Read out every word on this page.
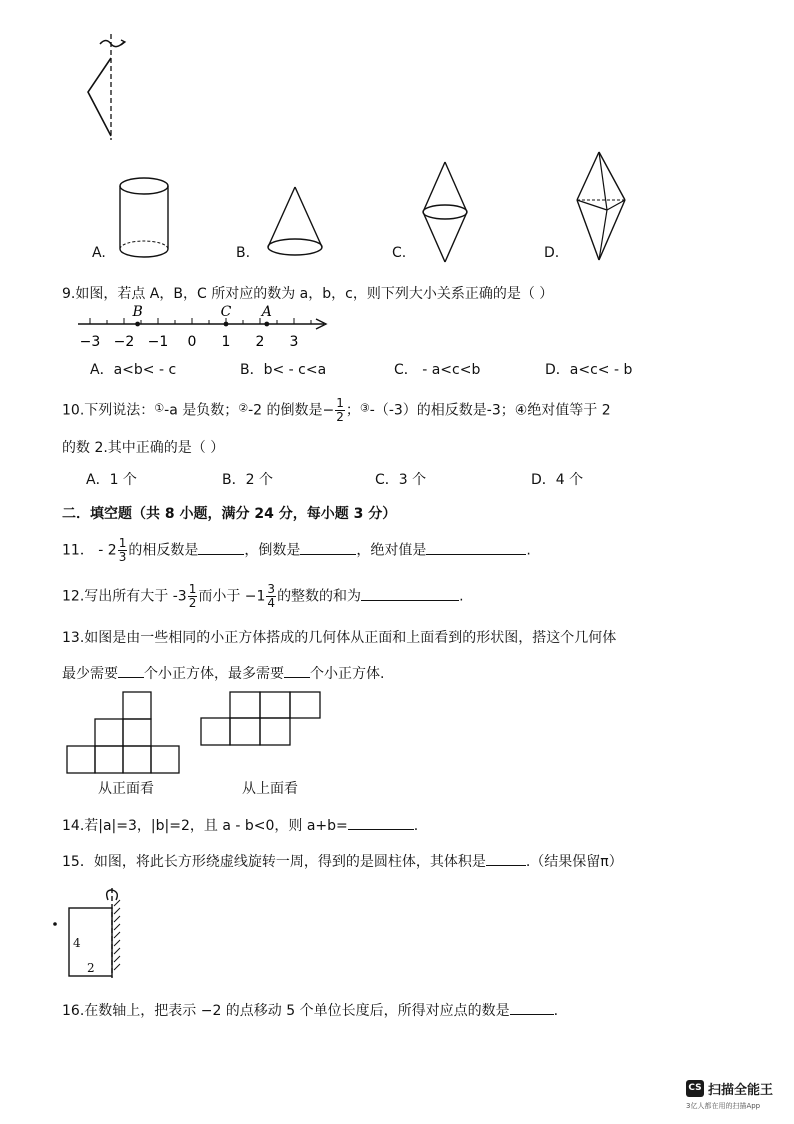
A.	B.	C.	D.
9.如图，若点 A，B，C 所对应的数为 a，b，c，则下列大小关系正确的是（ ）
−3 −2 −1 0 1 2 3
B	C A
A．a<b< - c	B．b< - c<a	C． - a<c<b	D．a<c< - b
10.下列说法：①-a 是负数；②-2 的倒数是− $\frac{1}{2}$ ；③-（-3）的相反数是-3；④绝对值等于 2
的数 2.其中正确的是（ ）
A．1 个	B．2 个	C．3 个	D．4 个
二．填空题（共 8 小题，满分 24 分，每小题 3 分）
11． - $2 \frac{1}{3}$ 的相反数是	，倒数是	，绝对值是	.
12.写出所有大于 $-3 \frac{1}{2}$ 而小于 $-1 \frac{3}{4}$ 的整数的和为	.
13.如图是由一些相同的小正方体搭成的几何体从正面和上面看到的形状图，搭这个几何体
最少需要 个小正方体，最多需要 个小正方体.
从正面看	从上面看
14.若|a|=3，|b|=2，且 a - b<0，则 a+b=	.
15．如图，将此长方形绕虚线旋转一周，得到的是圆柱体，其体积是	.（结果保留π）
4
2
16.在数轴上，把表示 −2 的点移动 5 个单位长度后，所得对应点的数是	.
CS 扫描全能王
3亿人都在用的扫描App
